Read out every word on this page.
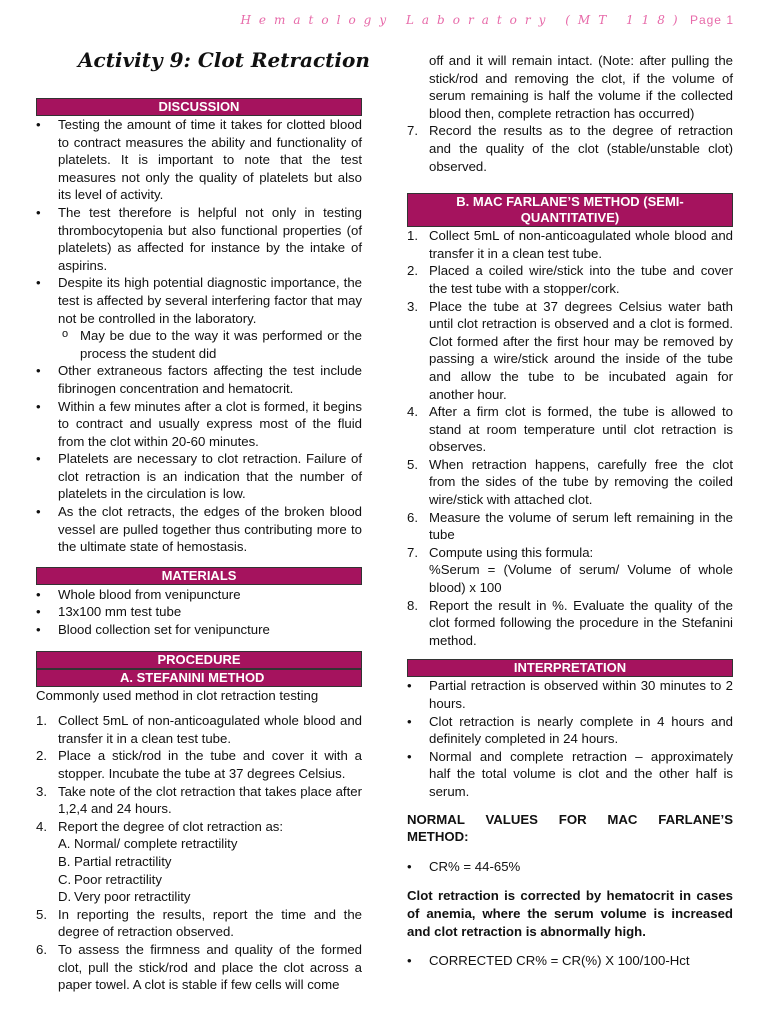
Hematology Laboratory (MT 118) Page 1
Activity 9: Clot Retraction
DISCUSSION
• Testing the amount of time it takes for clotted blood to contract measures the ability and functionality of platelets. It is important to note that the test measures not only the quality of platelets but also its level of activity.
• The test therefore is helpful not only in testing thrombocytopenia but also functional properties (of platelets) as affected for instance by the intake of aspirins.
• Despite its high potential diagnostic importance, the test is affected by several interfering factor that may not be controlled in the laboratory.
o May be due to the way it was performed or the process the student did
• Other extraneous factors affecting the test include fibrinogen concentration and hematocrit.
• Within a few minutes after a clot is formed, it begins to contract and usually express most of the fluid from the clot within 20-60 minutes.
• Platelets are necessary to clot retraction. Failure of clot retraction is an indication that the number of platelets in the circulation is low.
• As the clot retracts, the edges of the broken blood vessel are pulled together thus contributing more to the ultimate state of hemostasis.
MATERIALS
• Whole blood from venipuncture
• 13x100 mm test tube
• Blood collection set for venipuncture
PROCEDURE
A. STEFANINI METHOD

Commonly used method in clot retraction testing

1. Collect 5mL of non-anticoagulated whole blood and transfer it in a clean test tube.
2. Place a stick/rod in the tube and cover it with a stopper. Incubate the tube at 37 degrees Celsius.
3. Take note of the clot retraction that takes place after 1,2,4 and 24 hours.
4. Report the degree of clot retraction as:
A. Normal/ complete retractility
B. Partial retractility
C. Poor retractility
D. Very poor retractility
5. In reporting the results, report the time and the degree of retraction observed.
6. To assess the firmness and quality of the formed clot, pull the stick/rod and place the clot across a paper towel. A clot is stable if few cells will come

off and it will remain intact. (Note: after pulling the stick/rod and removing the clot, if the volume of serum remaining is half the volume if the collected blood then, complete retraction has occurred)

7. Record the results as to the degree of retraction and the quality of the clot (stable/unstable clot) observed.
B. MAC FARLANE’S METHOD (SEMI-QUANTITATIVE)
1. Collect 5mL of non-anticoagulated whole blood and transfer it in a clean test tube.
2. Placed a coiled wire/stick into the tube and cover the test tube with a stopper/cork.
3. Place the tube at 37 degrees Celsius water bath until clot retraction is observed and a clot is formed. Clot formed after the first hour may be removed by passing a wire/stick around the inside of the tube and allow the tube to be incubated again for another hour.
4. After a firm clot is formed, the tube is allowed to stand at room temperature until clot retraction is observes.
5. When retraction happens, carefully free the clot from the sides of the tube by removing the coiled wire/stick with attached clot.
6. Measure the volume of serum left remaining in the tube
7. Compute using this formula:
%Serum = (Volume of serum/ Volume of whole blood) x 100
8. Report the result in %. Evaluate the quality of the clot formed following the procedure in the Stefanini method.
INTERPRETATION
• Partial retraction is observed within 30 minutes to 2 hours.
• Clot retraction is nearly complete in 4 hours and definitely completed in 24 hours.
• Normal and complete retraction – approximately half the total volume is clot and the other half is serum.

NORMAL VALUES FOR MAC FARLANE’S METHOD:

• CR% = 44-65%

Clot retraction is corrected by hematocrit in cases of anemia, where the serum volume is increased and clot retraction is abnormally high.

• CORRECTED CR% = CR(%) X 100/100-Hct
